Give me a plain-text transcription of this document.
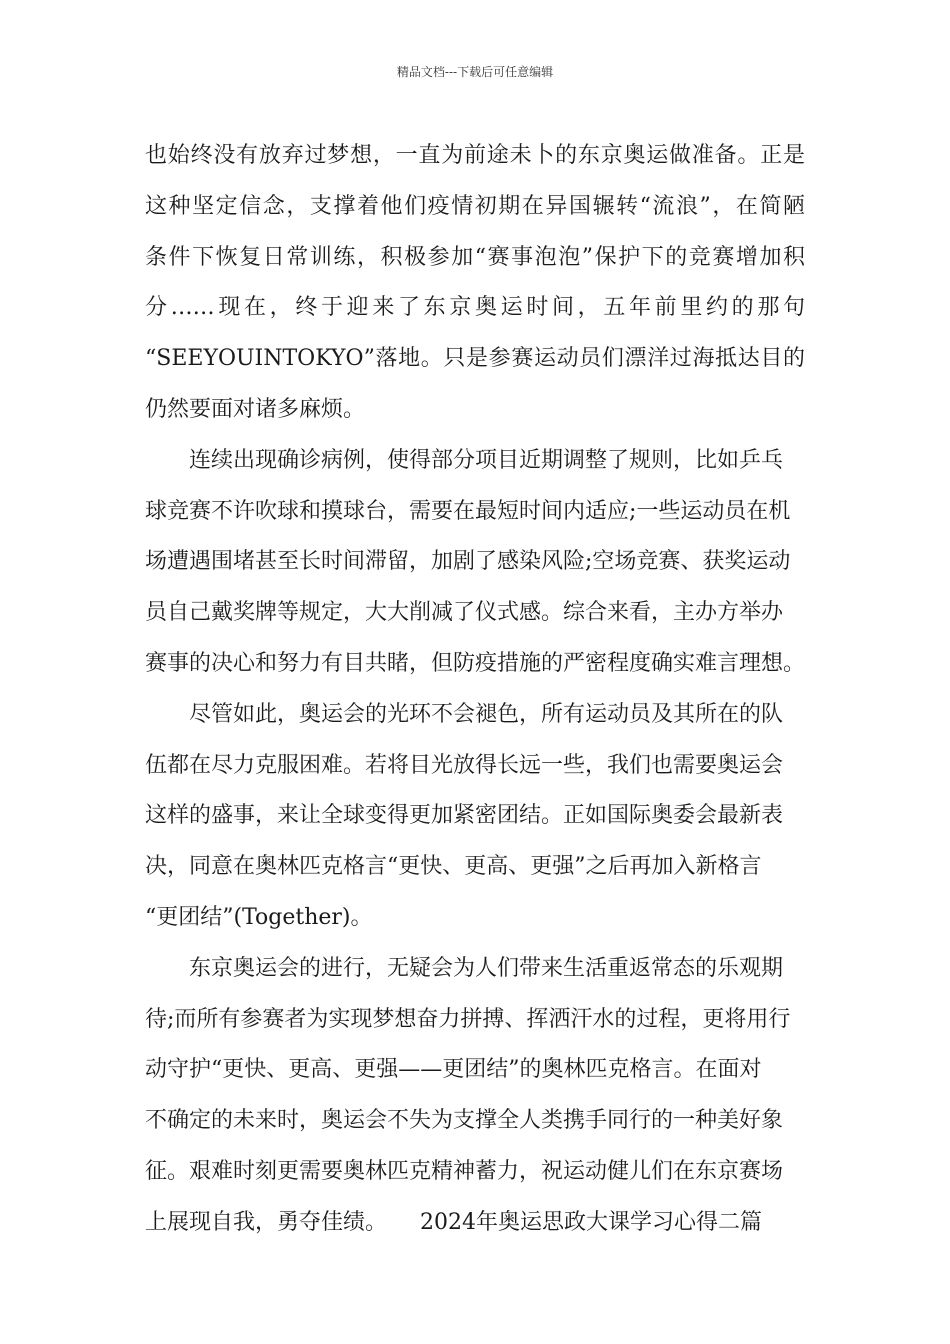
精品文档---下载后可任意编辑
也始终没有放弃过梦想，一直为前途未卜的东京奥运做准备。正是
这种坚定信念，支撑着他们疫情初期在异国辗转“流浪”，在简陋
条件下恢复日常训练，积极参加“赛事泡泡”保护下的竞赛增加积
分……现在，终于迎来了东京奥运时间，五年前里约的那句
“SEEYOUINTOKYO”落地。只是参赛运动员们漂洋过海抵达目的
仍然要面对诸多麻烦。
　　连续出现确诊病例，使得部分项目近期调整了规则，比如乒乓
球竞赛不许吹球和摸球台，需要在最短时间内适应;一些运动员在机
场遭遇围堵甚至长时间滞留，加剧了感染风险;空场竞赛、获奖运动
员自己戴奖牌等规定，大大削减了仪式感。综合来看，主办方举办
赛事的决心和努力有目共睹，但防疫措施的严密程度确实难言理想。
　　尽管如此，奥运会的光环不会褪色，所有运动员及其所在的队
伍都在尽力克服困难。若将目光放得长远一些，我们也需要奥运会
这样的盛事，来让全球变得更加紧密团结。正如国际奥委会最新表
决，同意在奥林匹克格言“更快、更高、更强”之后再加入新格言
“更团结”(Together)。
　　东京奥运会的进行，无疑会为人们带来生活重返常态的乐观期
待;而所有参赛者为实现梦想奋力拼搏、挥洒汗水的过程，更将用行
动守护“更快、更高、更强——更团结”的奥林匹克格言。在面对
不确定的未来时，奥运会不失为支撑全人类携手同行的一种美好象
征。艰难时刻更需要奥林匹克精神蓄力，祝运动健儿们在东京赛场
上展现自我，勇夺佳绩。　　2024年奥运思政大课学习心得二篇
